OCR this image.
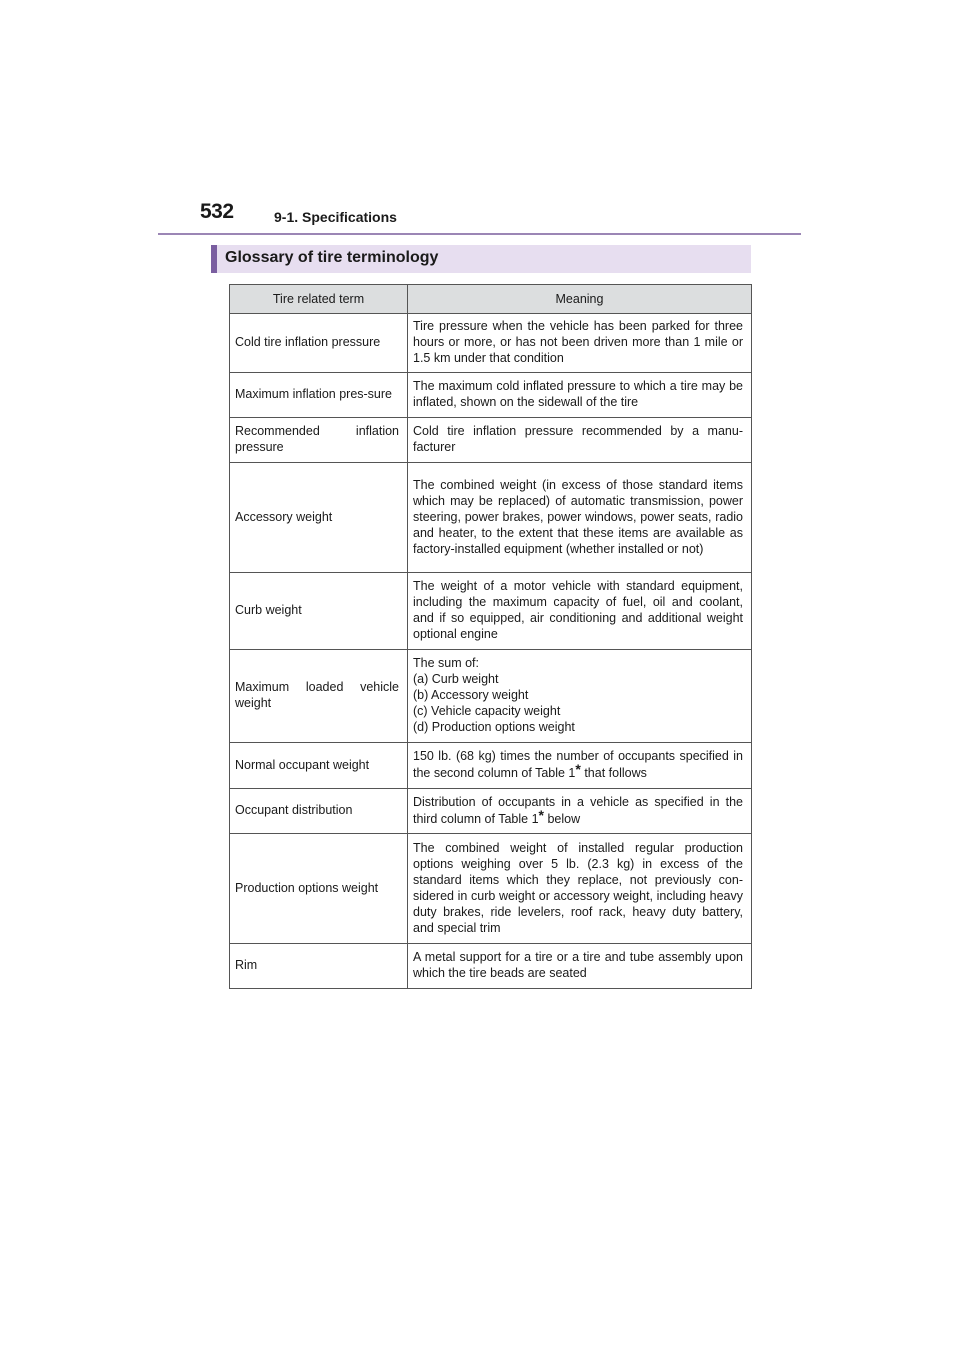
532	9-1. Specifications
Glossary of tire terminology
Tire related term	Meaning
Cold tire inflation pressure	Tire pressure when the vehicle has been parked for three hours or more, or has not been driven more than 1 mile or 1.5 km under that condition
Maximum inflation pres-sure	The maximum cold inflated pressure to which a tire may be inflated, shown on the sidewall of the tire
Recommended inflation pressure	Cold tire inflation pressure recommended by a manu-facturer
Accessory weight	The combined weight (in excess of those standard items which may be replaced) of automatic transmission, power steering, power brakes, power windows, power seats, radio and heater, to the extent that these items are available as factory-installed equipment (whether installed or not)
Curb weight	The weight of a motor vehicle with standard equipment, including the maximum capacity of fuel, oil and coolant, and if so equipped, air conditioning and additional weight optional engine
Maximum loaded vehicle weight	The sum of:
(a) Curb weight
(b) Accessory weight
(c) Vehicle capacity weight
(d) Production options weight

Normal occupant weight	150 lb. (68 kg) times the number of occupants specified in the second column of Table 1* that follows
Occupant distribution	Distribution of occupants in a vehicle as specified in the third column of Table 1* below
Production options weight	The combined weight of installed regular production options weighing over 5 lb. (2.3 kg) in excess of the standard items which they replace, not previously con-sidered in curb weight or accessory weight, including heavy duty brakes, ride levelers, roof rack, heavy duty battery, and special trim
Rim	A metal support for a tire or a tire and tube assembly upon which the tire beads are seated
